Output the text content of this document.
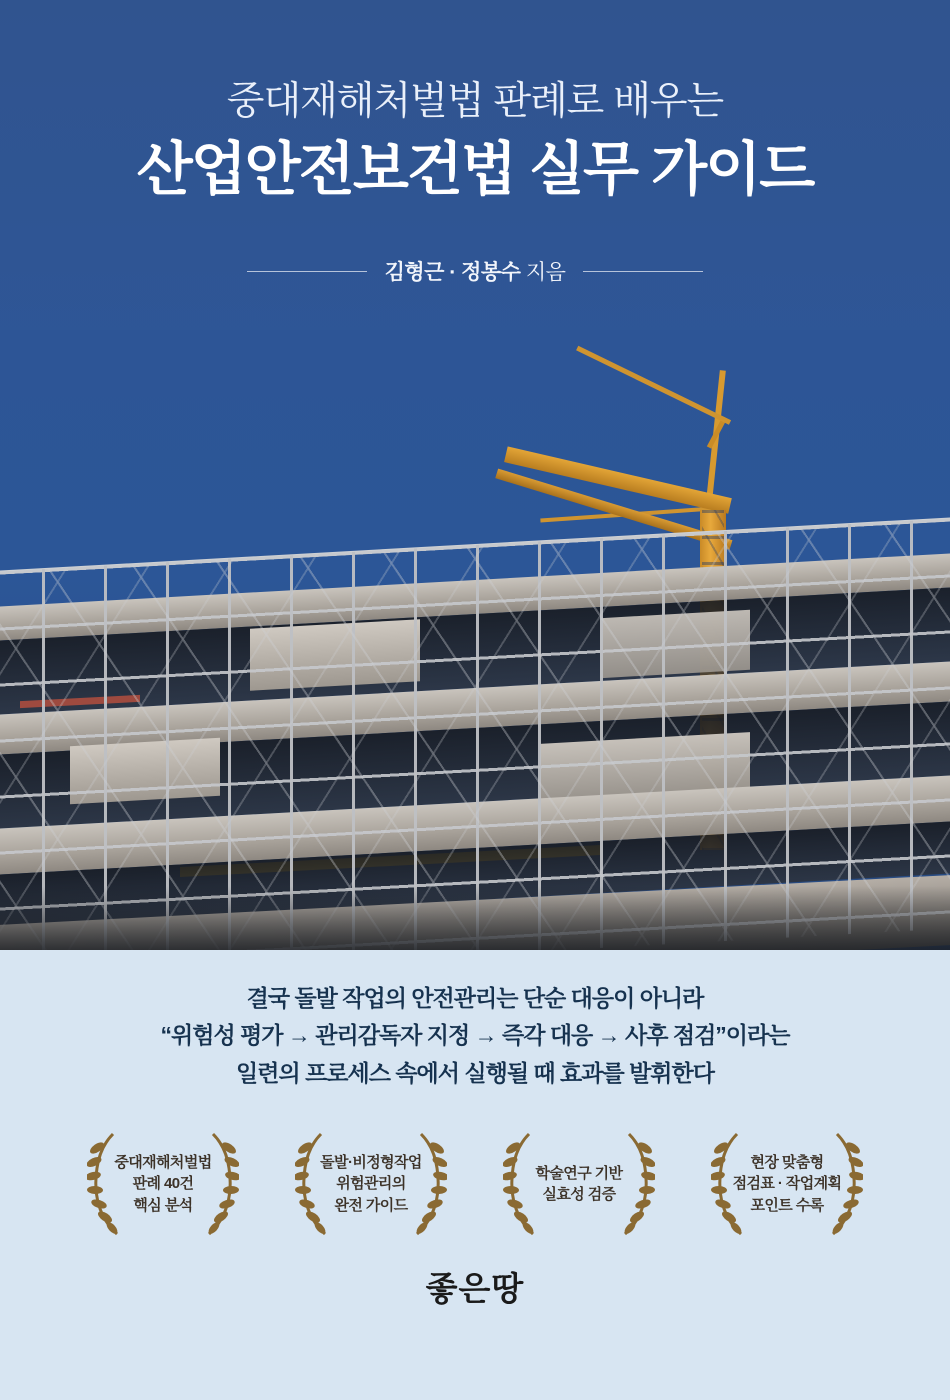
중대재해처벌법 판례로 배우는
산업안전보건법 실무 가이드
김형근 · 정봉수 지음
결국 돌발 작업의 안전관리는 단순 대응이 아니라
“위험성 평가 → 관리감독자 지정 → 즉각 대응 → 사후 점검”이라는
일련의 프로세스 속에서 실행될 때 효과를 발휘한다
중대재해처벌법
판례 40건
핵심 분석
돌발·비정형작업
위험관리의
완전 가이드
학술연구 기반
실효성 검증
현장 맞춤형
점검표 · 작업계획
포인트 수록
좋은땅
